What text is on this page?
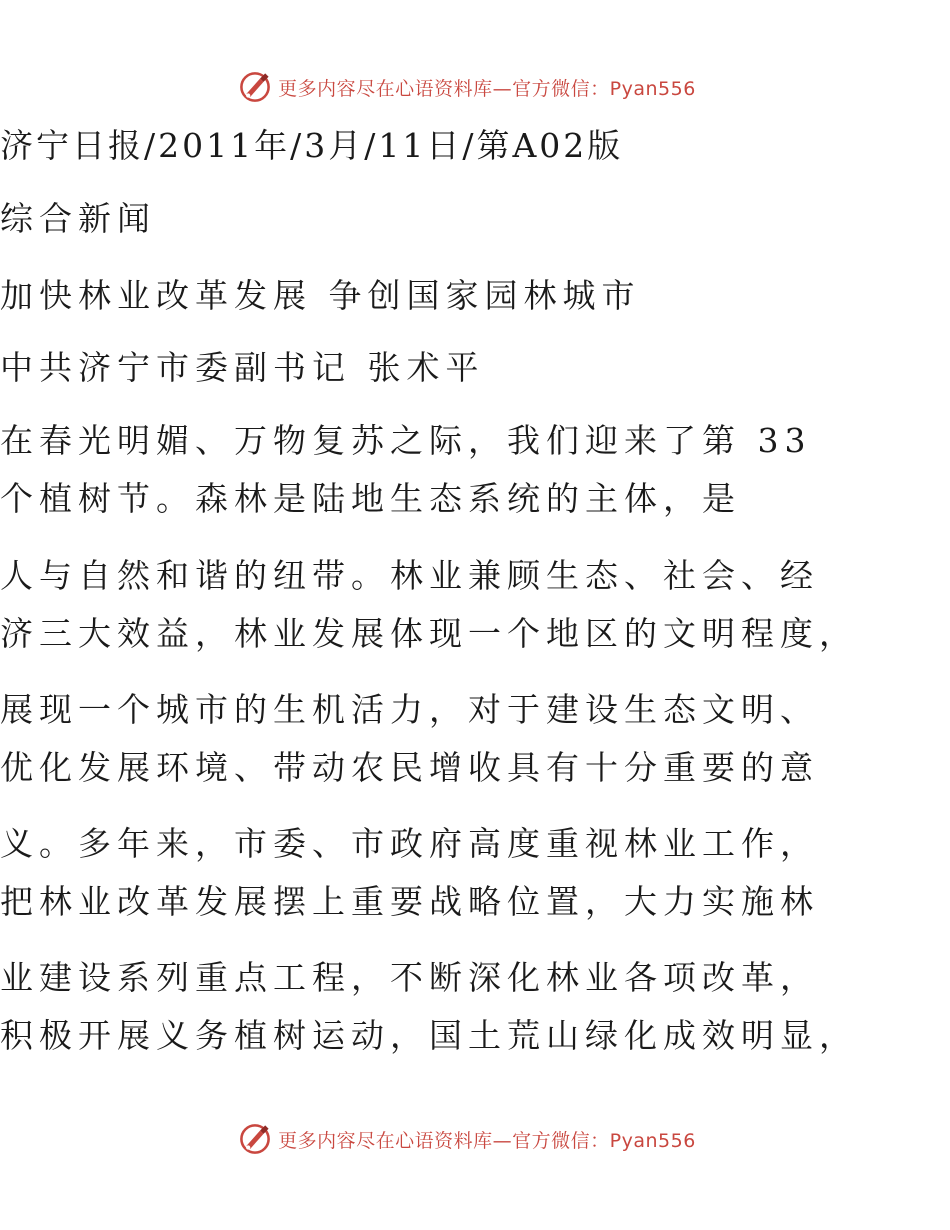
更多内容尽在心语资料库—官方微信：Pyan556
济宁日报/2011年/3月/11日/第A02版
综合新闻
加快林业改革发展 争创国家园林城市
中共济宁市委副书记 张术平
在春光明媚、万物复苏之际，我们迎来了第 33
个植树节。森林是陆地生态系统的主体，是
人与自然和谐的纽带。林业兼顾生态、社会、经
济三大效益，林业发展体现一个地区的文明程度，
展现一个城市的生机活力，对于建设生态文明、
优化发展环境、带动农民增收具有十分重要的意
义。多年来，市委、市政府高度重视林业工作，
把林业改革发展摆上重要战略位置，大力实施林
业建设系列重点工程，不断深化林业各项改革，
积极开展义务植树运动，国土荒山绿化成效明显，
更多内容尽在心语资料库—官方微信：Pyan556
